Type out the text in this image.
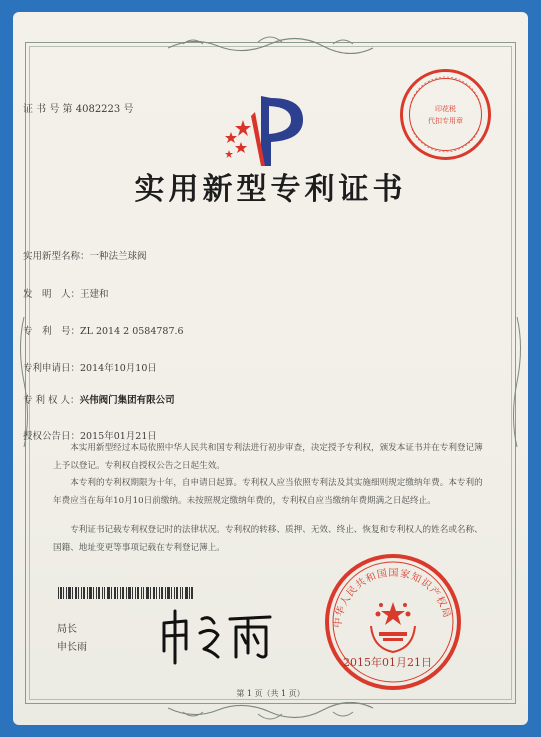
证 书 号 第 4082223 号	印花税
代扣专用章
实用新型专利证书
实用新型名称：一种法兰球阀
发　明　人：王建和
专　利　号：ZL 2014 2 0584787.6
专利申请日：2014年10月10日
专 利 权 人：兴伟阀门集团有限公司
授权公告日：2015年01月21日
本实用新型经过本局依照中华人民共和国专利法进行初步审查，决定授予专利权，颁发本证书并在专利登记簿上予以登记。专利权自授权公告之日起生效。
本专利的专利权期限为十年，自申请日起算。专利权人应当依照专利法及其实施细则规定缴纳年费。本专利的年费应当在每年10月10日前缴纳。未按照规定缴纳年费的，专利权自应当缴纳年费期满之日起终止。
专利证书记载专利权登记时的法律状况。专利权的转移、质押、无效、终止、恢复和专利权人的姓名或名称、国籍、地址变更等事项记载在专利登记簿上。
局长
申长雨
中华人民共和国国家知识产权局
2015年01月21日
第 1 页（共 1 页）
